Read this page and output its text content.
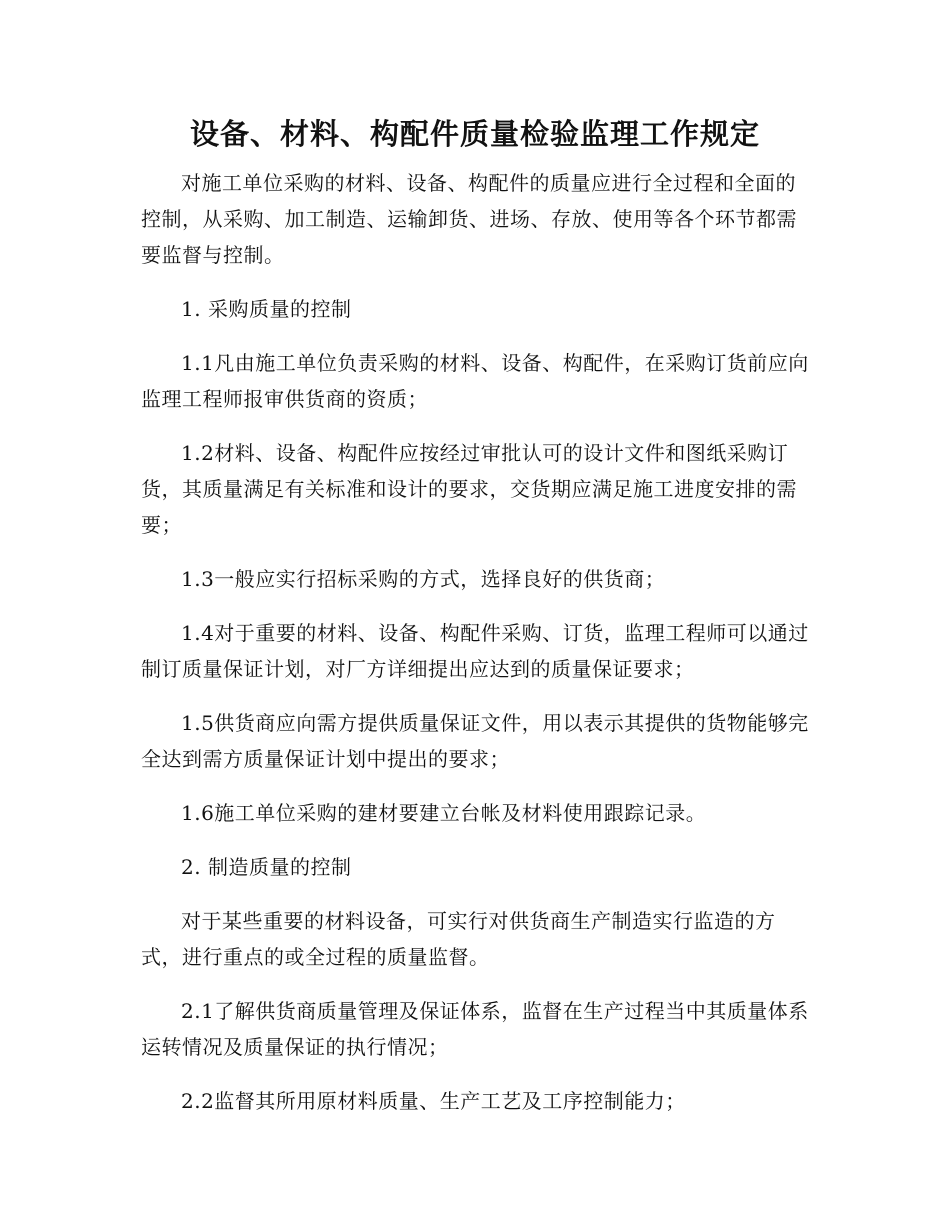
设备、材料、构配件质量检验监理工作规定

对施工单位采购的材料、设备、构配件的质量应进行全过程和全面的控制，从采购、加工制造、运输卸货、进场、存放、使用等各个环节都需要监督与控制。

1. 采购质量的控制

1.1凡由施工单位负责采购的材料、设备、构配件，在采购订货前应向监理工程师报审供货商的资质；

1.2材料、设备、构配件应按经过审批认可的设计文件和图纸采购订货，其质量满足有关标准和设计的要求，交货期应满足施工进度安排的需要；

1.3一般应实行招标采购的方式，选择良好的供货商；

1.4对于重要的材料、设备、构配件采购、订货，监理工程师可以通过制订质量保证计划，对厂方详细提出应达到的质量保证要求；

1.5供货商应向需方提供质量保证文件，用以表示其提供的货物能够完全达到需方质量保证计划中提出的要求；

1.6施工单位采购的建材要建立台帐及材料使用跟踪记录。

2. 制造质量的控制

对于某些重要的材料设备，可实行对供货商生产制造实行监造的方式，进行重点的或全过程的质量监督。

2.1了解供货商质量管理及保证体系，监督在生产过程当中其质量体系运转情况及质量保证的执行情况；

2.2监督其所用原材料质量、生产工艺及工序控制能力；
